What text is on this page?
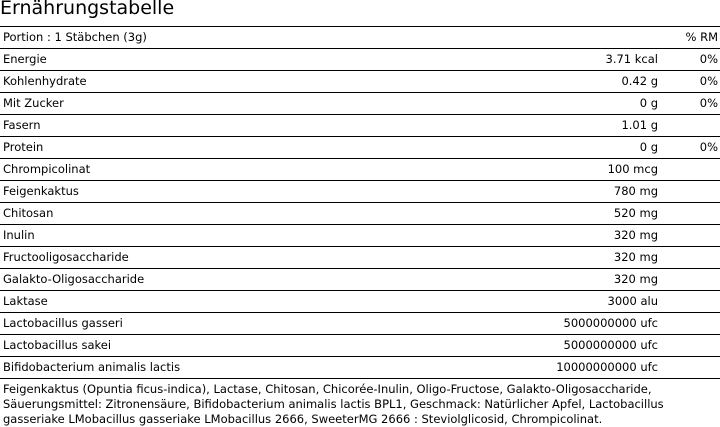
Ernährungstabelle
Portion : 1 Stäbchen (3g)		% RM
Energie	3.71 kcal	0%
Kohlenhydrate	0.42 g	0%
Mit Zucker	0 g	0%
Fasern	1.01 g	
Protein	0 g	0%
Chrompicolinat	100 mcg	
Feigenkaktus	780 mg	
Chitosan	520 mg	
Inulin	320 mg	
Fructooligosaccharide	320 mg	
Galakto-Oligosaccharide	320 mg	
Laktase	3000 alu	
Lactobacillus gasseri	5000000000 ufc	
Lactobacillus sakei	5000000000 ufc	
Bifidobacterium animalis lactis	10000000000 ufc	
Feigenkaktus (Opuntia ficus-indica), Lactase, Chitosan, Chicorée-Inulin, Oligo-Fructose, Galakto-Oligosaccharide, Säuerungsmittel: Zitronensäure, Bifidobacterium animalis lactis BPL1, Geschmack: Natürlicher Apfel, Lactobacillus gasseriake LMobacillus gasseriake LMobacillus 2666, SweeterMG 2666 : Steviolglicosid, Chrompicolinat.
